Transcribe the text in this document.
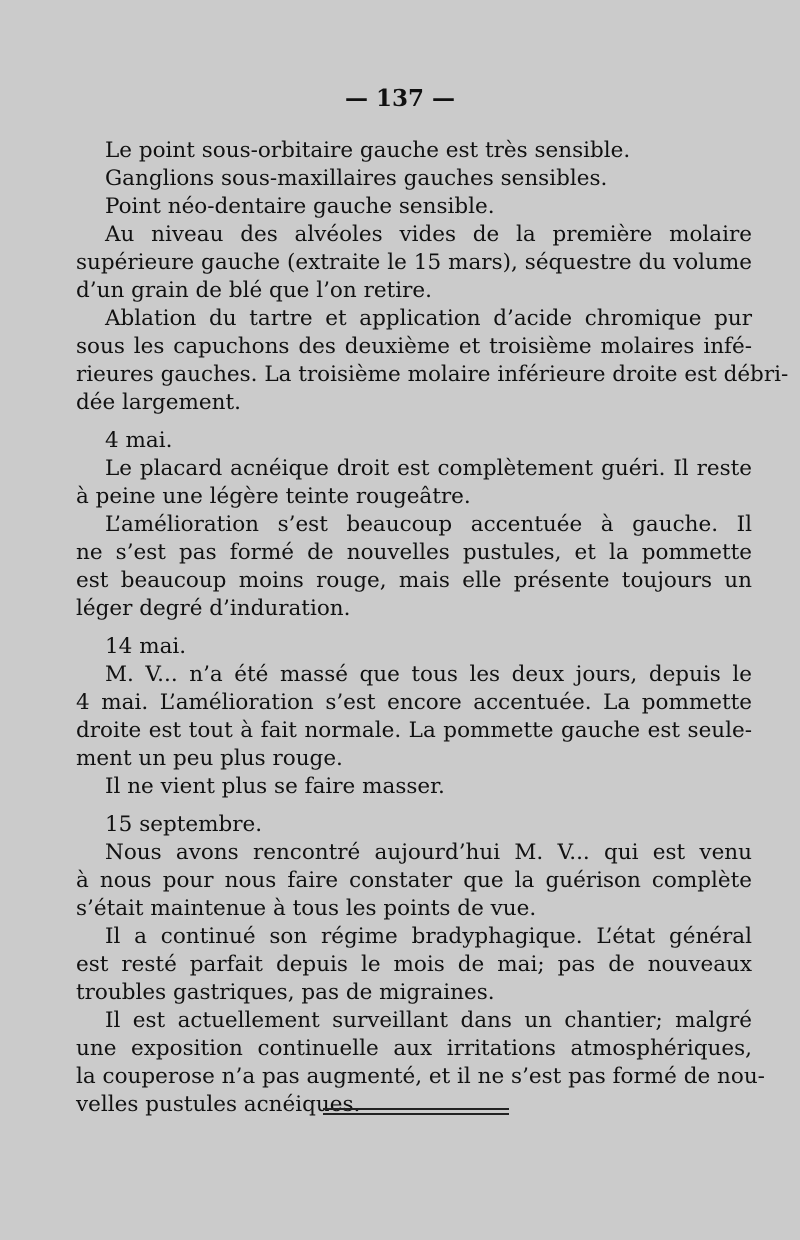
— 137 —
Le point sous-orbitaire gauche est très sensible.
Ganglions sous-maxillaires gauches sensibles.
Point néo-dentaire gauche sensible.
Au niveau des alvéoles vides de la première molaire
supérieure gauche (extraite le 15 mars), séquestre du volume
d’un grain de blé que l’on retire.
Ablation du tartre et application d’acide chromique pur
sous les capuchons des deuxième et troisième molaires infé-
rieures gauches. La troisième molaire inférieure droite est débri-
dée largement.
4 mai.
Le placard acnéique droit est complètement guéri. Il reste
à peine une légère teinte rougeâtre.
L’amélioration s’est beaucoup accentuée à gauche. Il
ne s’est pas formé de nouvelles pustules, et la pommette
est beaucoup moins rouge, mais elle présente toujours un
léger degré d’induration.
14 mai.
M. V... n’a été massé que tous les deux jours, depuis le
4 mai. L’amélioration s’est encore accentuée. La pommette
droite est tout à fait normale. La pommette gauche est seule-
ment un peu plus rouge.
Il ne vient plus se faire masser.
15 septembre.
Nous avons rencontré aujourd’hui M. V... qui est venu
à nous pour nous faire constater que la guérison complète
s’était maintenue à tous les points de vue.
Il a continué son régime bradyphagique. L’état général
est resté parfait depuis le mois de mai; pas de nouveaux
troubles gastriques, pas de migraines.
Il est actuellement surveillant dans un chantier; malgré
une exposition continuelle aux irritations atmosphériques,
la couperose n’a pas augmenté, et il ne s’est pas formé de nou-
velles pustules acnéiques.
